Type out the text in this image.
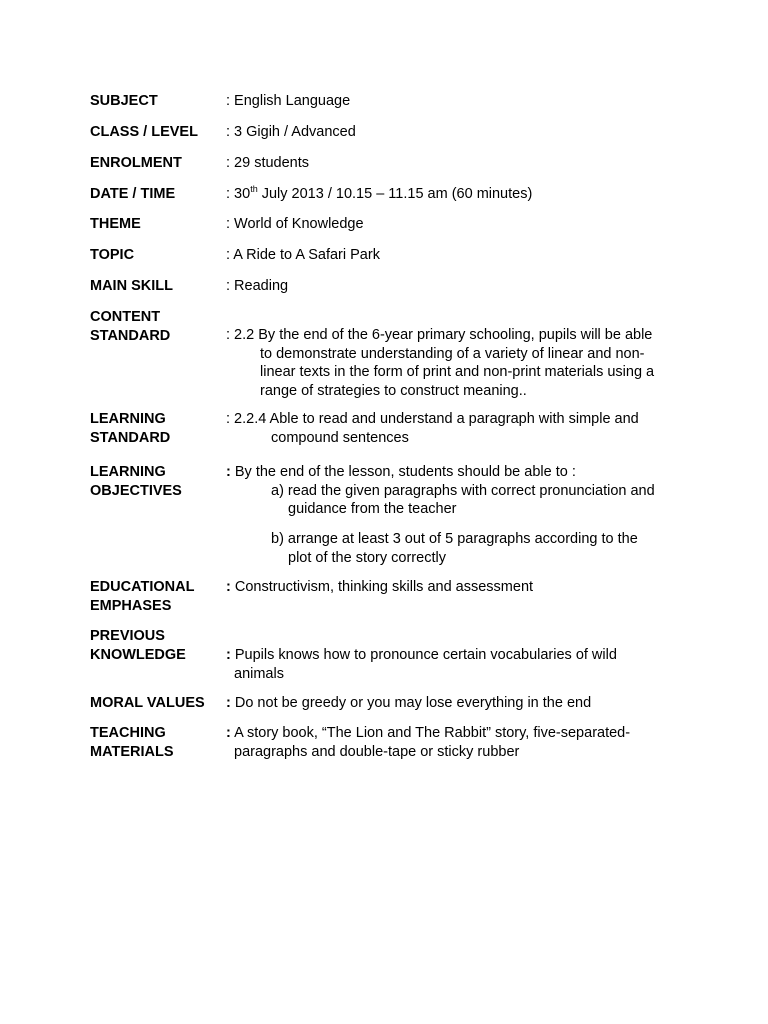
SUBJECT	: English Language
CLASS / LEVEL : 3 Gigih / Advanced
ENROLMENT	: 29 students
DATE / TIME	: 30th July 2013 / 10.15 – 11.15 am (60 minutes)
THEME	: World of Knowledge
TOPIC	: A Ride to A Safari Park
MAIN SKILL	: Reading
CONTENT
STANDARD	: 2.2 By the end of the 6-year primary schooling, pupils will be able
to demonstrate understanding of a variety of linear and non-
linear texts in the form of print and non-print materials using a
range of strategies to construct meaning..
LEARNING
STANDARD
: 2.2.4 Able to read and understand a paragraph with simple and
compound sentences
LEARNING
OBJECTIVES
: By the end of the lesson, students should be able to :
a) read the given paragraphs with correct pronunciation and
guidance from the teacher
b) arrange at least 3 out of 5 paragraphs according to the
plot of the story correctly
EDUCATIONAL
EMPHASES
: Constructivism, thinking skills and assessment
PREVIOUS
KNOWLEDGE	: Pupils knows how to pronounce certain vocabularies of wild
animals
MORAL VALUES : Do not be greedy or you may lose everything in the end
TEACHING
MATERIALS
: A story book, “The Lion and The Rabbit” story, five-separated-
paragraphs and double-tape or sticky rubber
